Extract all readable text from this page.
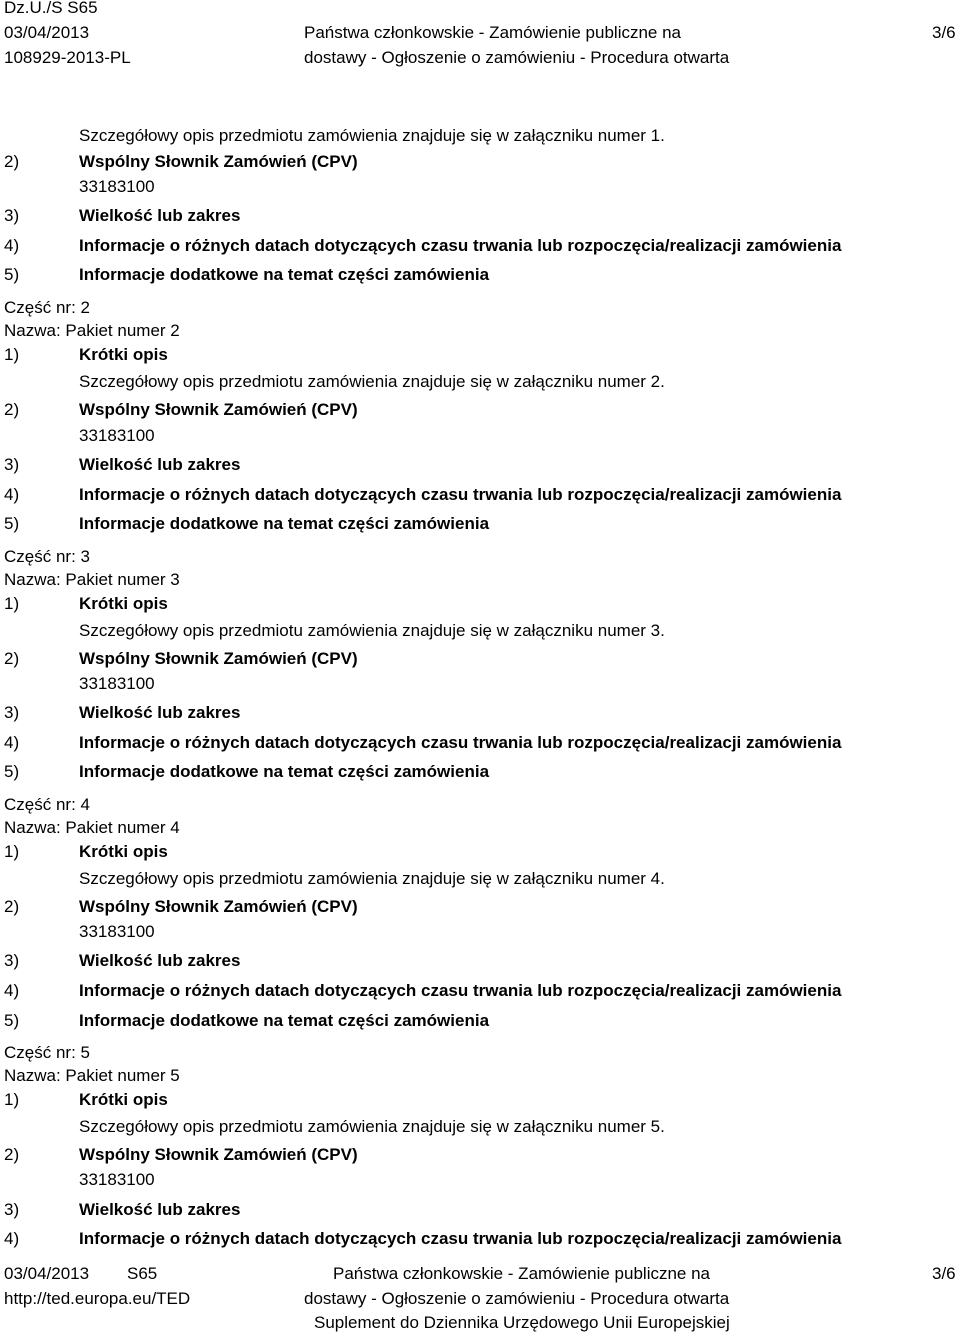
Dz.U./S S65
03/04/2013
108929-2013-PL
Państwa członkowskie - Zamówienie publiczne na
dostawy - Ogłoszenie o zamówieniu - Procedura otwarta
3/6
Szczegółowy opis przedmiotu zamówienia znajduje się w załączniku numer 1.
2)	Wspólny Słownik Zamówień (CPV)
33183100
3)	Wielkość lub zakres
4)	Informacje o różnych datach dotyczących czasu trwania lub rozpoczęcia/realizacji zamówienia
5)	Informacje dodatkowe na temat części zamówienia
Część nr: 2
Nazwa: Pakiet numer 2
1)	Krótki opis
Szczegółowy opis przedmiotu zamówienia znajduje się w załączniku numer 2.
2)	Wspólny Słownik Zamówień (CPV)
33183100
3)	Wielkość lub zakres
4)	Informacje o różnych datach dotyczących czasu trwania lub rozpoczęcia/realizacji zamówienia
5)	Informacje dodatkowe na temat części zamówienia
Część nr: 3
Nazwa: Pakiet numer 3
1)	Krótki opis
Szczegółowy opis przedmiotu zamówienia znajduje się w załączniku numer 3.
2)	Wspólny Słownik Zamówień (CPV)
33183100
3)	Wielkość lub zakres
4)	Informacje o różnych datach dotyczących czasu trwania lub rozpoczęcia/realizacji zamówienia
5)	Informacje dodatkowe na temat części zamówienia
Część nr: 4
Nazwa: Pakiet numer 4
1)	Krótki opis
Szczegółowy opis przedmiotu zamówienia znajduje się w załączniku numer 4.
2)	Wspólny Słownik Zamówień (CPV)
33183100
3)	Wielkość lub zakres
4)	Informacje o różnych datach dotyczących czasu trwania lub rozpoczęcia/realizacji zamówienia
5)	Informacje dodatkowe na temat części zamówienia
Część nr: 5
Nazwa: Pakiet numer 5
1)	Krótki opis
Szczegółowy opis przedmiotu zamówienia znajduje się w załączniku numer 5.
2)	Wspólny Słownik Zamówień (CPV)
33183100
3)	Wielkość lub zakres
4)	Informacje o różnych datach dotyczących czasu trwania lub rozpoczęcia/realizacji zamówienia
03/04/2013 S65
http://ted.europa.eu/TED
Państwa członkowskie - Zamówienie publiczne na
dostawy - Ogłoszenie o zamówieniu - Procedura otwarta
Suplement do Dziennika Urzędowego Unii Europejskiej
3/6
